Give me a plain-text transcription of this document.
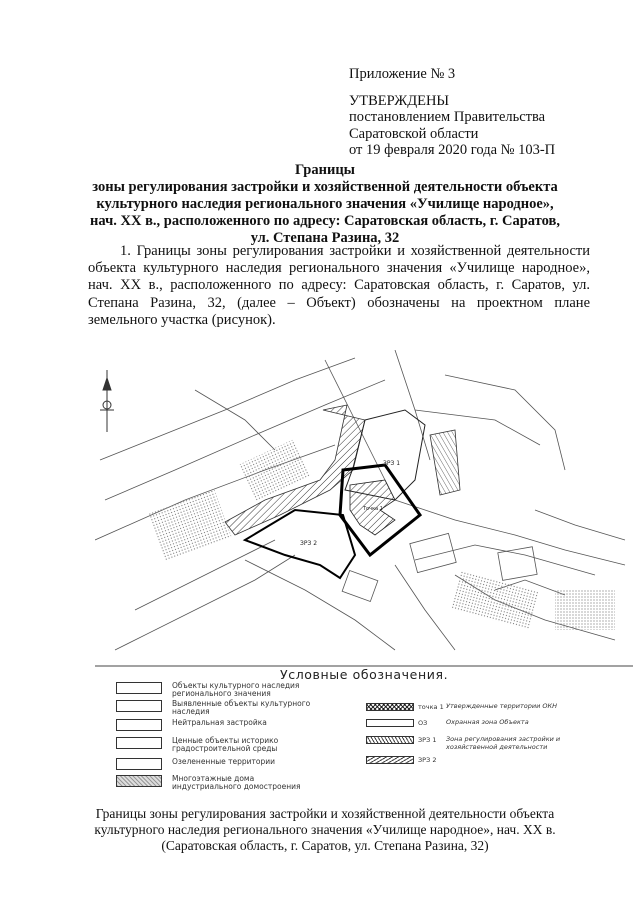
Приложение № 3
УТВЕРЖДЕНЫ
постановлением Правительства
Саратовской области
от 19 февраля 2020 года № 103-П
Границы
зоны регулирования застройки и хозяйственной деятельности объекта
культурного наследия регионального значения «Училище народное»,
нач. XX в., расположенного по адресу: Саратовская область, г. Саратов,
ул. Степана Разина, 32
1. Границы зоны регулирования застройки и хозяйственной деятельности объекта культурного наследия регионального значения «Училище народное», нач. XX в., расположенного по адресу: Саратовская область, г. Саратов, ул. Степана Разина, 32, (далее – Объект) обозначены на проектном плане земельного участка (рисунок).
ЗРЗ 1
Точка 1
ЗРЗ 2
Условные обозначения.
Объекты культурного наследия регионального значения
Выявленные объекты культурного наследия
Нейтральная застройка
Ценные объекты историко градостроительной среды
Озелененные территории
Многоэтажные дома индустриального домостроения
точка 1 Утвержденные территории ОКН
ОЗ	Охранная зона Объекта
ЗРЗ 1	Зона регулирования застройки и хозяйственной деятельности
ЗРЗ 2
Границы зоны регулирования застройки и хозяйственной деятельности объекта
культурного наследия регионального значения «Училище народное», нач. XX в.
(Саратовская область, г. Саратов, ул. Степана Разина, 32)
